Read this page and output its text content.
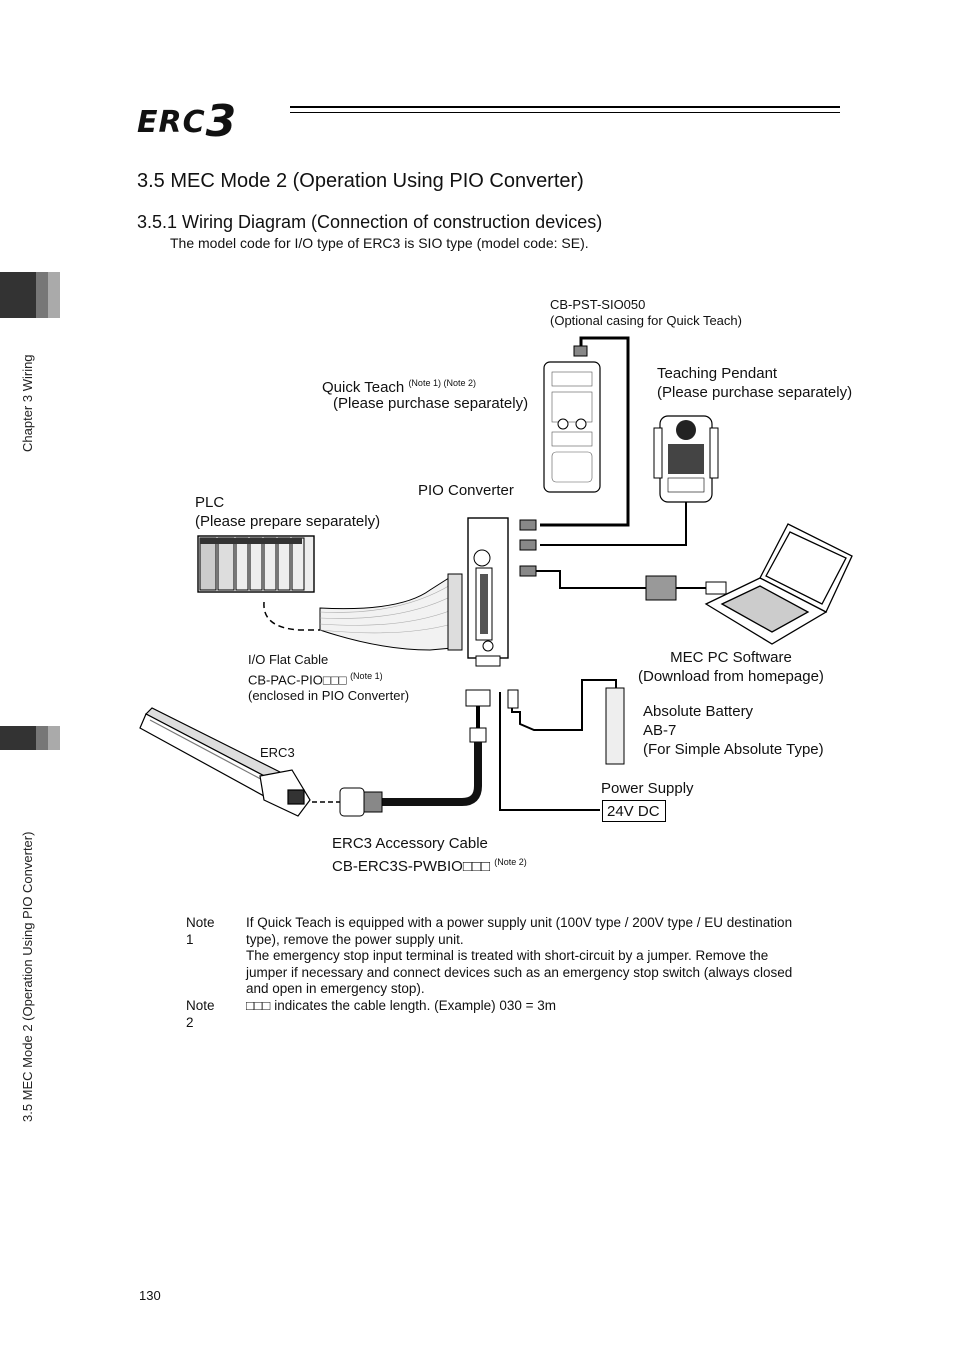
ERC3
3.5 MEC Mode 2 (Operation Using PIO Converter)
3.5.1 Wiring Diagram (Connection of construction devices)
The model code for I/O type of ERC3 is SIO type (model code: SE).
Chapter 3 Wiring
3.5 MEC Mode 2 (Operation Using PIO Converter)
CB-PST-SIO050
(Optional casing for Quick Teach)
Quick Teach $^{(Note 1) (Note 2)}$
(Please purchase separately)
Teaching Pendant
(Please purchase separately)
PIO Converter
PLC
(Please prepare separately)
I/O Flat Cable
CB-PAC-PIO□□□ $^{(Note 1)}$
(enclosed in PIO Converter)
MEC PC Software
(Download from homepage)
ERC3
Absolute Battery
AB-7
(For Simple Absolute Type)
Power Supply
24V DC
ERC3 Accessory Cable
CB-ERC3S-PWBIO□□□ $^{(Note 2)}$
Note 1
If Quick Teach is equipped with a power supply unit (100V type / 200V type / EU destination
type), remove the power supply unit.
The emergency stop input terminal is treated with short-circuit by a jumper. Remove the
jumper if necessary and connect devices such as an emergency stop switch (always closed
and open in emergency stop).
Note 2
□□□ indicates the cable length. (Example) 030 = 3m
130
